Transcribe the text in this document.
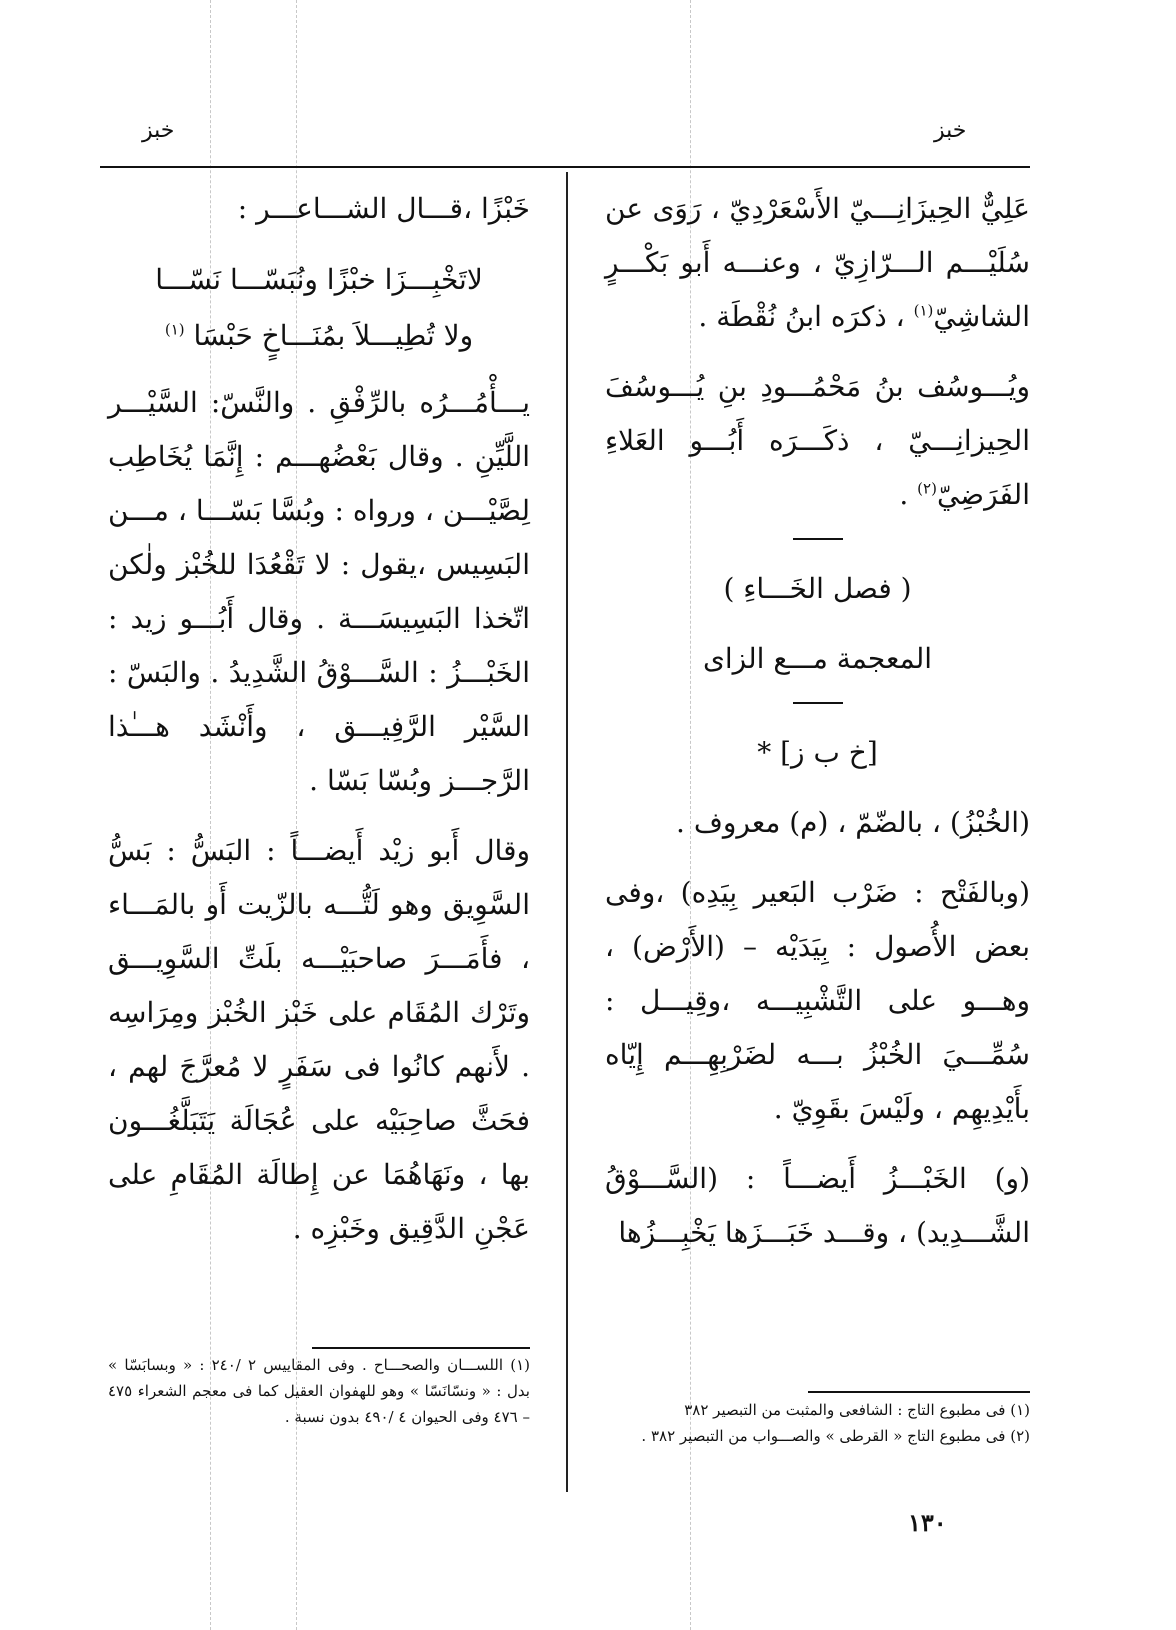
خبز	خبز

عَلِيٌّ الحِيزَانِـــيّ الأَسْعَرْدِيّ ، رَوَى عن سُلَيْـــم الـــرّازِيّ ، وعنـــه أَبو بَكْـــرٍ الشاشِيّ$^{(١)}$ ، ذكرَه ابنُ نُقْطَة .

ويُـــوسُف بنُ مَحْمُـــودِ بنِ يُـــوسُفَ الحِيزانِـــيّ ، ذكَـــرَه أَبُـــو العَلاءِ الفَرَضِيّ$^{(٢)}$ .

( فصل الخَـــاءِ )

المعجمة مـــع الزاى

[خ ب ز] *

(الخُبْزُ) ، بالضّمّ ، (م) معروف .

(وبالفَتْح : ضَرْب البَعير بِيَدِه) ،وفى بعض الأُصول : بِيَدَيْه – (الأَرْض) ، وهـــو على التَّشْبِيـــه ،وقِيـــل : سُمِّـــيَ الخُبْزُ بـــه لضَرْبِهِـــم إِيّاه بأَيْدِيهِم ، ولَيْسَ بقَوِيّ .

(و) الخَبْـــزُ أَيضـــاً : (السَّـــوْقُ الشَّـــدِيد) ، وقـــد خَبَـــزَها يَخْبِـــزُها

خَبْزًا ،قـــال الشـــاعـــر :

لاتَخْبِـــزَا خبْزًا ونُبَسّـــا نَسّـــا
ولا تُطِيـــلاَ بمُنَـــاخٍ حَبْسَا $^{(١)}$

يـــأْمُـــرُه بالرِّفْقِ . والنَّسّ: السَّيْـــر اللَّيِّنِ . وقال بَعْضُهـــم : إِنَّمَا يُخَاطِب لِصَّيْـــن ، ورواه : وبُسَّا بَسّـــا ، مـــن البَسِيس ،يقول : لا تَقْعُدَا للخُبْز ولٰكن اتّخذا البَسِيسَـــة . وقال أَبُـــو زيد : الخَبْـــزُ : السَّـــوْقُ الشَّدِيدُ . والبَسّ : السَّيْر الرَّفِيـــق ، وأَنْشَد هـــٰذا الرَّجـــز وبُسّا بَسّا .

وقال أَبو زيْد أَيضـــاً : البَسُّ : بَسُّ السَّوِيق وهو لَتُّـــه بالزّيت أَو بالمَـــاء ، فأَمَـــرَ صاحبَيْـــه بلَتِّ السَّوِيـــق وتَرْك المُقَام على خَبْز الخُبْز ومِرَاسِه . لأَنهم كانُوا فى سَفَرٍ لا مُعرَّجَ لهم ، فحَثَّ صاحِبَيْه على عُجَالَة يَتَبَلَّغُـــون بها ، ونَهَاهُمَا عن إِطالَة المُقَامِ على عَجْنِ الدَّقِيق وخَبْزِه .

(١) اللســـان والصحـــاح . وفى المقاييس ٢ /٢٤٠ : « وبسابَسّا » بدل : « ونسّانَسّا » وهو للهفوان العقيل كما فى معجم الشعراء ٤٧٥ – ٤٧٦ وفى الحيوان ٤ /٤٩٠ بدون نسبة .	(١) فى مطبوع التاج : الشافعى والمثبت من التبصير ٣٨٢

(٢) فى مطبوع التاج « القرطى » والصـــواب من التبصير ٣٨٢ .

١٣٠
